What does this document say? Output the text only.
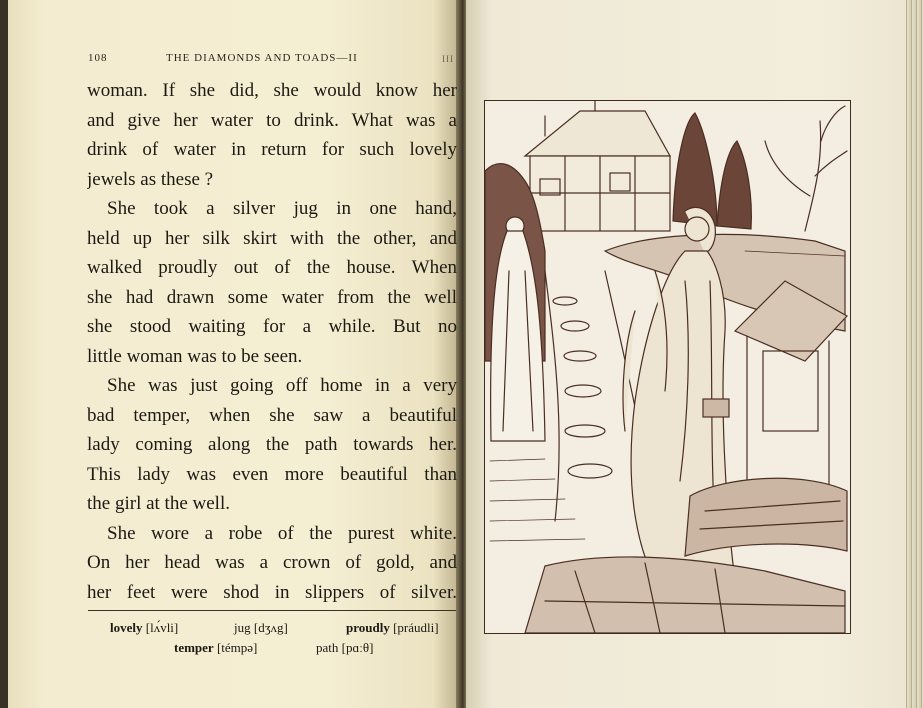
108	THE DIAMONDS AND TOADS—II	III
woman. If she did, she would know her
and give her water to drink. What was a
drink of water in return for such lovely
jewels as these ?
She took a silver jug in one hand,
held up her silk skirt with the other, and
walked proudly out of the house. When
she had drawn some water from the well
she stood waiting for a while. But no
little woman was to be seen.
She was just going off home in a very
bad temper, when she saw a beautiful
lady coming along the path towards her.
This lady was even more beautiful than
the girl at the well.
She wore a robe of the purest white.
On her head was a crown of gold, and
her feet were shod in slippers of silver.
lovely [lʌ́vli]	jug [dʒʌg]	proudly [práudli]
temper [témpə]	path [pɑːθ]
